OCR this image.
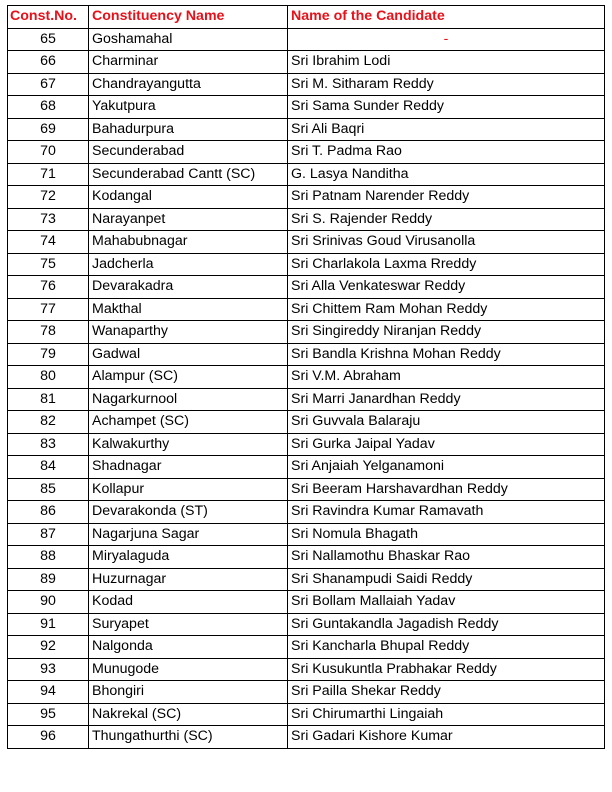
Const.No.	Constituency Name	Name of the Candidate
65	Goshamahal	-
66	Charminar	Sri Ibrahim Lodi
67	Chandrayangutta	Sri M. Sitharam Reddy
68	Yakutpura	Sri Sama Sunder Reddy
69	Bahadurpura	Sri Ali Baqri
70	Secunderabad	Sri T. Padma Rao
71	Secunderabad Cantt (SC)	G. Lasya Nanditha
72	Kodangal	Sri Patnam Narender Reddy
73	Narayanpet	Sri S. Rajender Reddy
74	Mahabubnagar	Sri Srinivas Goud Virusanolla
75	Jadcherla	Sri Charlakola Laxma Rreddy
76	Devarakadra	Sri Alla Venkateswar Reddy
77	Makthal	Sri Chittem Ram Mohan Reddy
78	Wanaparthy	Sri Singireddy Niranjan Reddy
79	Gadwal	Sri Bandla Krishna Mohan Reddy
80	Alampur (SC)	Sri V.M. Abraham
81	Nagarkurnool	Sri Marri Janardhan Reddy
82	Achampet (SC)	Sri Guvvala Balaraju
83	Kalwakurthy	Sri Gurka Jaipal Yadav
84	Shadnagar	Sri Anjaiah Yelganamoni
85	Kollapur	Sri Beeram Harshavardhan Reddy
86	Devarakonda (ST)	Sri Ravindra Kumar Ramavath
87	Nagarjuna Sagar	Sri Nomula Bhagath
88	Miryalaguda	Sri Nallamothu Bhaskar Rao
89	Huzurnagar	Sri Shanampudi Saidi Reddy
90	Kodad	Sri Bollam Mallaiah Yadav
91	Suryapet	Sri Guntakandla Jagadish Reddy
92	Nalgonda	Sri Kancharla Bhupal Reddy
93	Munugode	Sri Kusukuntla Prabhakar Reddy
94	Bhongiri	Sri Pailla Shekar Reddy
95	Nakrekal (SC)	Sri Chirumarthi Lingaiah
96	Thungathurthi (SC)	Sri Gadari Kishore Kumar
